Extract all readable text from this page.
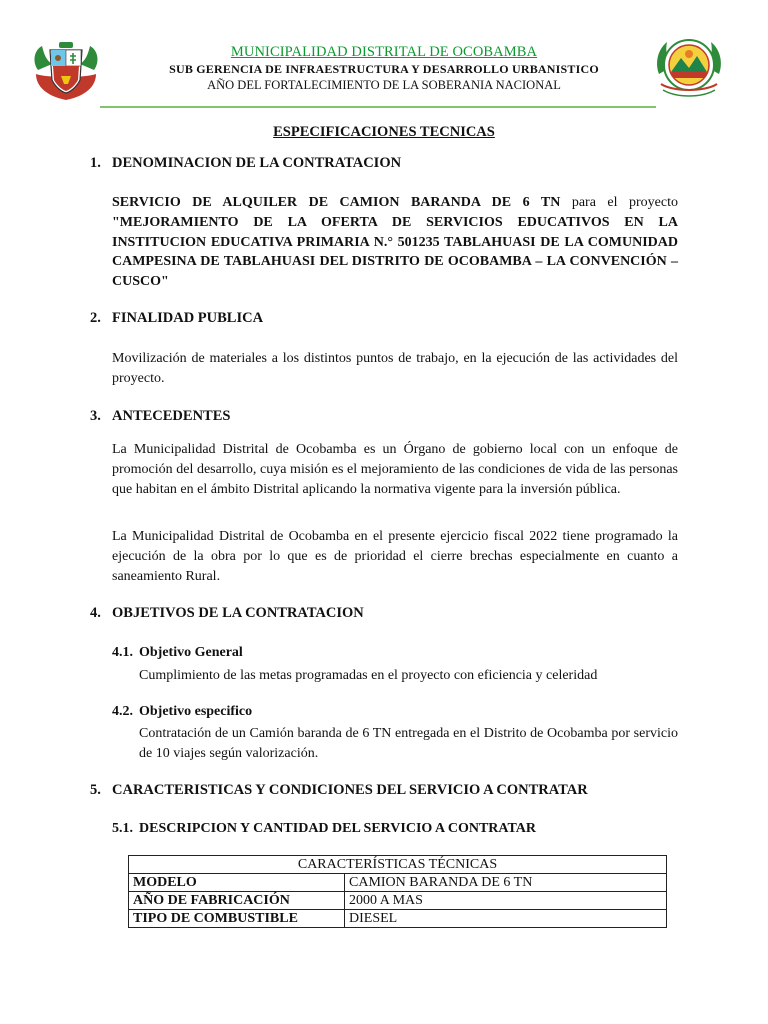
MUNICIPALIDAD DISTRITAL DE OCOBAMBA
SUB GERENCIA DE INFRAESTRUCTURA Y DESARROLLO URBANISTICO
AÑO DEL FORTALECIMIENTO DE LA SOBERANIA NACIONAL
ESPECIFICACIONES TECNICAS
1. DENOMINACION DE LA CONTRATACION
SERVICIO DE ALQUILER DE CAMION BARANDA DE 6 TN para el proyecto "MEJORAMIENTO DE LA OFERTA DE SERVICIOS EDUCATIVOS EN LA INSTITUCION EDUCATIVA PRIMARIA N.° 501235 TABLAHUASI DE LA COMUNIDAD CAMPESINA DE TABLAHUASI DEL DISTRITO DE OCOBAMBA – LA CONVENCIÓN – CUSCO"
2. FINALIDAD PUBLICA
Movilización de materiales a los distintos puntos de trabajo, en la ejecución de las actividades del proyecto.
3. ANTECEDENTES
La Municipalidad Distrital de Ocobamba es un Órgano de gobierno local con un enfoque de promoción del desarrollo, cuya misión es el mejoramiento de las condiciones de vida de las personas que habitan en el ámbito Distrital aplicando la normativa vigente para la inversión pública.
La Municipalidad Distrital de Ocobamba en el presente ejercicio fiscal 2022 tiene programado la ejecución de la obra por lo que es de prioridad el cierre brechas especialmente en cuanto a saneamiento Rural.
4. OBJETIVOS DE LA CONTRATACION
4.1. Objetivo General
Cumplimiento de las metas programadas en el proyecto con eficiencia y celeridad
4.2. Objetivo especifico
Contratación de un Camión baranda de 6 TN entregada en el Distrito de Ocobamba por servicio de 10 viajes según valorización.
5. CARACTERISTICAS Y CONDICIONES DEL SERVICIO A CONTRATAR
5.1. DESCRIPCION Y CANTIDAD DEL SERVICIO A CONTRATAR
CARACTERÍSTICAS TÉCNICAS	
MODELO	CAMION BARANDA DE 6 TN
AÑO DE FABRICACIÓN	2000 A MAS
TIPO DE COMBUSTIBLE	DIESEL
